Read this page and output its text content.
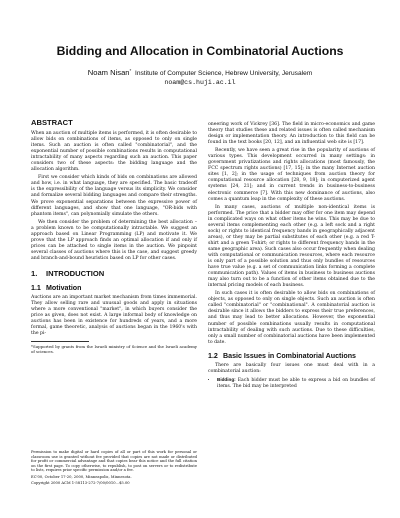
Bidding and Allocation in Combinatorial Auctions
Noam Nisan* Institute of Computer Science, Hebrew University, Jerusalem
noam@cs.huji.ac.il
ABSTRACT

When an auction of multiple items is performed, it is often desirable to allow bids on combinations of items, as opposed to only on single items. Such an auction is often called "combinatorial", and the exponential number of possible combinations results in computational intractability of many aspects regarding such an auction. This paper considers two of these aspects: the bidding language and the allocation algorithm.

First we consider which kinds of bids on combinations are allowed and how, i.e. in what language, they are specified. The basic tradeoff is the expressibility of the language versus its simplicity. We consider and formalize several bidding languages and compare their strengths. We prove exponential separations between the expressive power of different languages, and show that one language, "OR-bids with phantom items", can polynomially simulate the others.

We then consider the problem of determining the best allocation – a problem known to be computationally intractable. We suggest an approach based on Linear Programming (LP) and motivate it. We prove that the LP approach finds an optimal allocation if and only if prices can be attached to single items in the auction. We pinpoint several classes of auctions where this is the case, and suggest greedy and branch-and-bound heuristics based on LP for other cases.

1. INTRODUCTION
1.1 Motivation

Auctions are an important market mechanism from times immemorial. They allow selling rare and unusual goods and apply in situations where a more conventional "market", in which buyers consider the price as given, does not exist. A large informal body of knowledge on auctions has been in existence for hundreds of years, and a more formal, game theoretic, analysis of auctions began in the 1960's with the pi-

*Supported by grants from the Israeli ministry of Science and the Israeli academy of sciences.

Permission to make digital or hard copies of all or part of this work for personal or classroom use is granted without fee provided that copies are not made or distributed for profit or commercial advantage and that copies bear this notice and the full citation on the first page. To copy otherwise, to republish, to post on servers or to redistribute to lists, requires prior specific permission and/or a fee.

EC'00, October 17-20, 2000, Minneapolis, Minnesota.

Copyright 2000 ACM 1-58113-272-7/00/0010...$5.00

oneering work of Vickrey [36]. The field in micro-economics and game theory that studies these and related issues is often called mechanism design or implementation theory. An introduction to this field can be found in the text books [20, 12], and an influential web site is [17].

Recently, we have seen a great rise in the popularity of auctions of various types. This development occurred in many settings: in government privatizations and rights allocations (most famously, the FCC spectrum rights auctions) [17, 15]; in the many Internet auction sites [1, 2]; in the usage of techniques from auction theory for computational resource allocation [28, 9, 18]; in computerized agent systems [24, 21]; and in current trends in business-to-business electronic commerce [7]. With this new dominance of auctions, also comes a quantum leap in the complexity of these auctions.

In many cases, auctions of multiple non-identical items is performed. The price that a bidder may offer for one item may depend in complicated ways on what other items he wins. This may be due to several items complementing each other (e.g. a left sock and a right sock) or rights to identical frequency bands in geographically adjacent areas), or they may be partial substitutes of each other (e.g. a red T-shirt and a green T-shirt; or rights to different frequency bands in the same geographic area). Such cases also occur frequently when dealing with computational or communication resources, where each resource is only part of a possible solution and thus only bundles of resources have true value (e.g. a set of communication links forming a complete communication path). Values of items in business to business auctions may also turn out to be a function of other items obtained due to the internal pricing models of each business.

In such cases it is often desirable to allow bids on combinations of objects, as opposed to only on single objects. Such an auction is often called "combinatorial" or "combinational". A combinatorial auction is desirable since it allows the bidders to express their true preferences, and thus may lead to better allocations. However, the exponential number of possible combinations usually results in computational intractability of dealing with such auctions. Due to these difficulties, only a small number of combinatorial auctions have been implemented to date.

1.2 Basic Issues in Combinatorial Auctions

There are basically four issues one must deal with in a combinatorial auction:

• Bidding: Each bidder must be able to express a bid on bundles of items. The bid may be interpreted
